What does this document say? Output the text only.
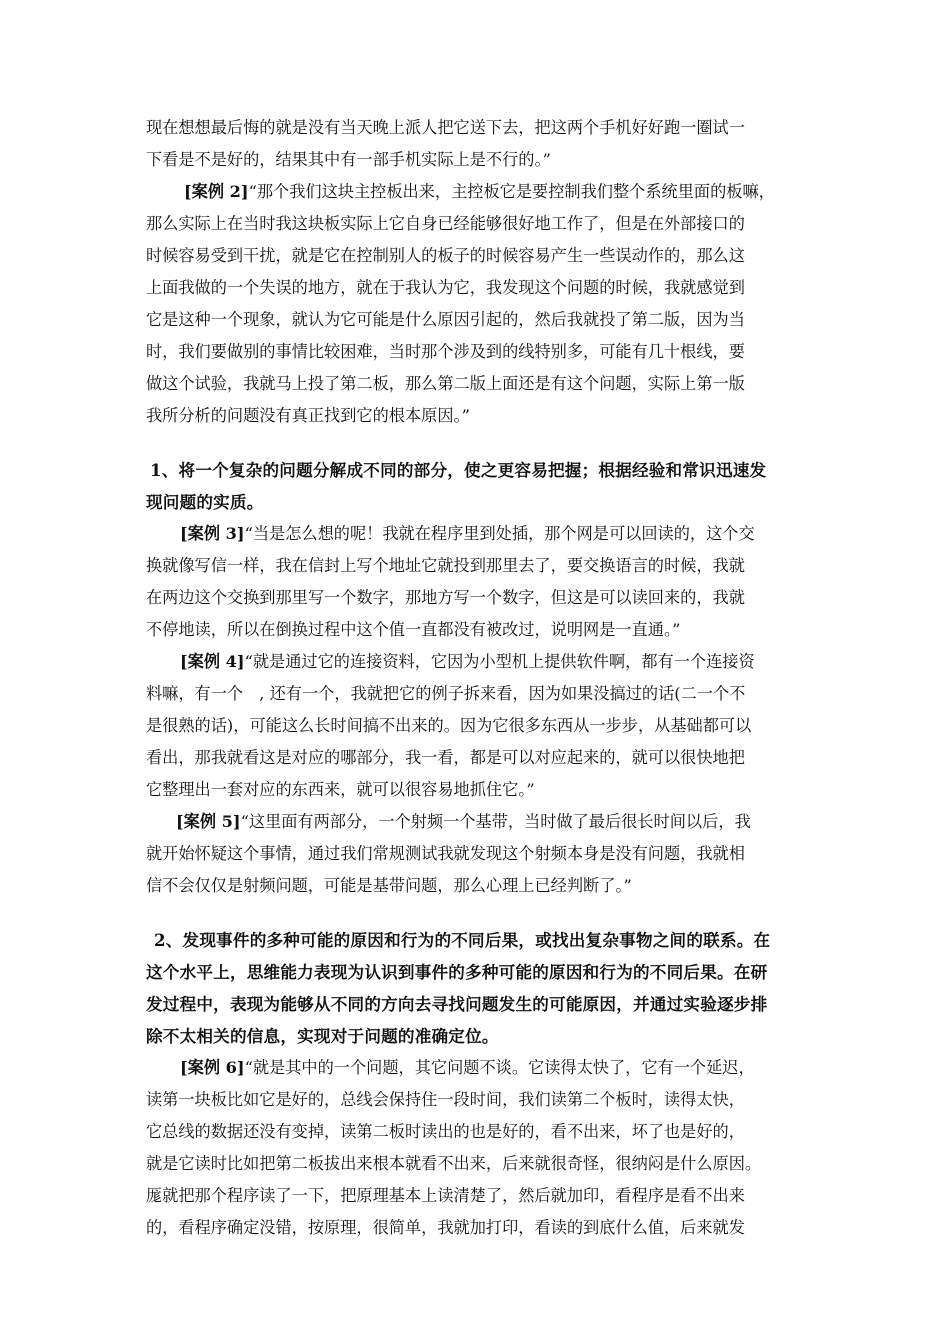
现在想想最后悔的就是没有当天晚上派人把它送下去，把这两个手机好好跑一圈试一
下看是不是好的，结果其中有一部手机实际上是不行的。”
[案例 2]“那个我们这块主控板出来，主控板它是要控制我们整个系统里面的板嘛，
那么实际上在当时我这块板实际上它自身已经能够很好地工作了，但是在外部接口的
时候容易受到干扰，就是它在控制别人的板子的时候容易产生一些误动作的，那么这
上面我做的一个失误的地方，就在于我认为它，我发现这个问题的时候，我就感觉到
它是这种一个现象，就认为它可能是什么原因引起的，然后我就投了第二版，因为当
时，我们要做别的事情比较困难，当时那个涉及到的线特别多，可能有几十根线，要
做这个试验，我就马上投了第二板，那么第二版上面还是有这个问题，实际上第一版
我所分析的问题没有真正找到它的根本原因。”
1、将一个复杂的问题分解成不同的部分，使之更容易把握；根据经验和常识迅速发
现问题的实质。
[案例 3]“当是怎么想的呢！我就在程序里到处插，那个网是可以回读的，这个交
换就像写信一样，我在信封上写个地址它就投到那里去了，要交换语言的时候，我就
在两边这个交换到那里写一个数字，那地方写一个数字，但这是可以读回来的，我就
不停地读，所以在倒换过程中这个值一直都没有被改过，说明网是一直通。”
[案例 4]“就是通过它的连接资料，它因为小型机上提供软件啊，都有一个连接资
料嘛，有一个　, 还有一个，我就把它的例子拆来看，因为如果没搞过的话(二一个不
是很熟的话)，可能这么长时间搞不出来的。因为它很多东西从一步步，从基础都可以
看出，那我就看这是对应的哪部分，我一看，都是可以对应起来的，就可以很快地把
它整理出一套对应的东西来，就可以很容易地抓住它。”
[案例 5]“这里面有两部分，一个射频一个基带，当时做了最后很长时间以后，我
就开始怀疑这个事情，通过我们常规测试我就发现这个射频本身是没有问题，我就相
信不会仅仅是射频问题，可能是基带问题，那么心理上已经判断了。”
2、发现事件的多种可能的原因和行为的不同后果，或找出复杂事物之间的联系。在
这个水平上，思维能力表现为认识到事件的多种可能的原因和行为的不同后果。在研
发过程中，表现为能够从不同的方向去寻找问题发生的可能原因，并通过实验逐步排
除不太相关的信息，实现对于问题的准确定位。
[案例 6]“就是其中的一个问题，其它问题不谈。它读得太快了，它有一个延迟，
读第一块板比如它是好的，总线会保持住一段时间，我们读第二个板时，读得太快，
它总线的数据还没有变掉，读第二板时读出的也是好的，看不出来，坏了也是好的，
就是它读时比如把第二板拔出来根本就看不出来，后来就很奇怪，很纳闷是什么原因。
厖就把那个程序读了一下，把原理基本上读清楚了，然后就加印，看程序是看不出来
的，看程序确定没错，按原理，很简单，我就加打印，看读的到底什么值，后来就发
